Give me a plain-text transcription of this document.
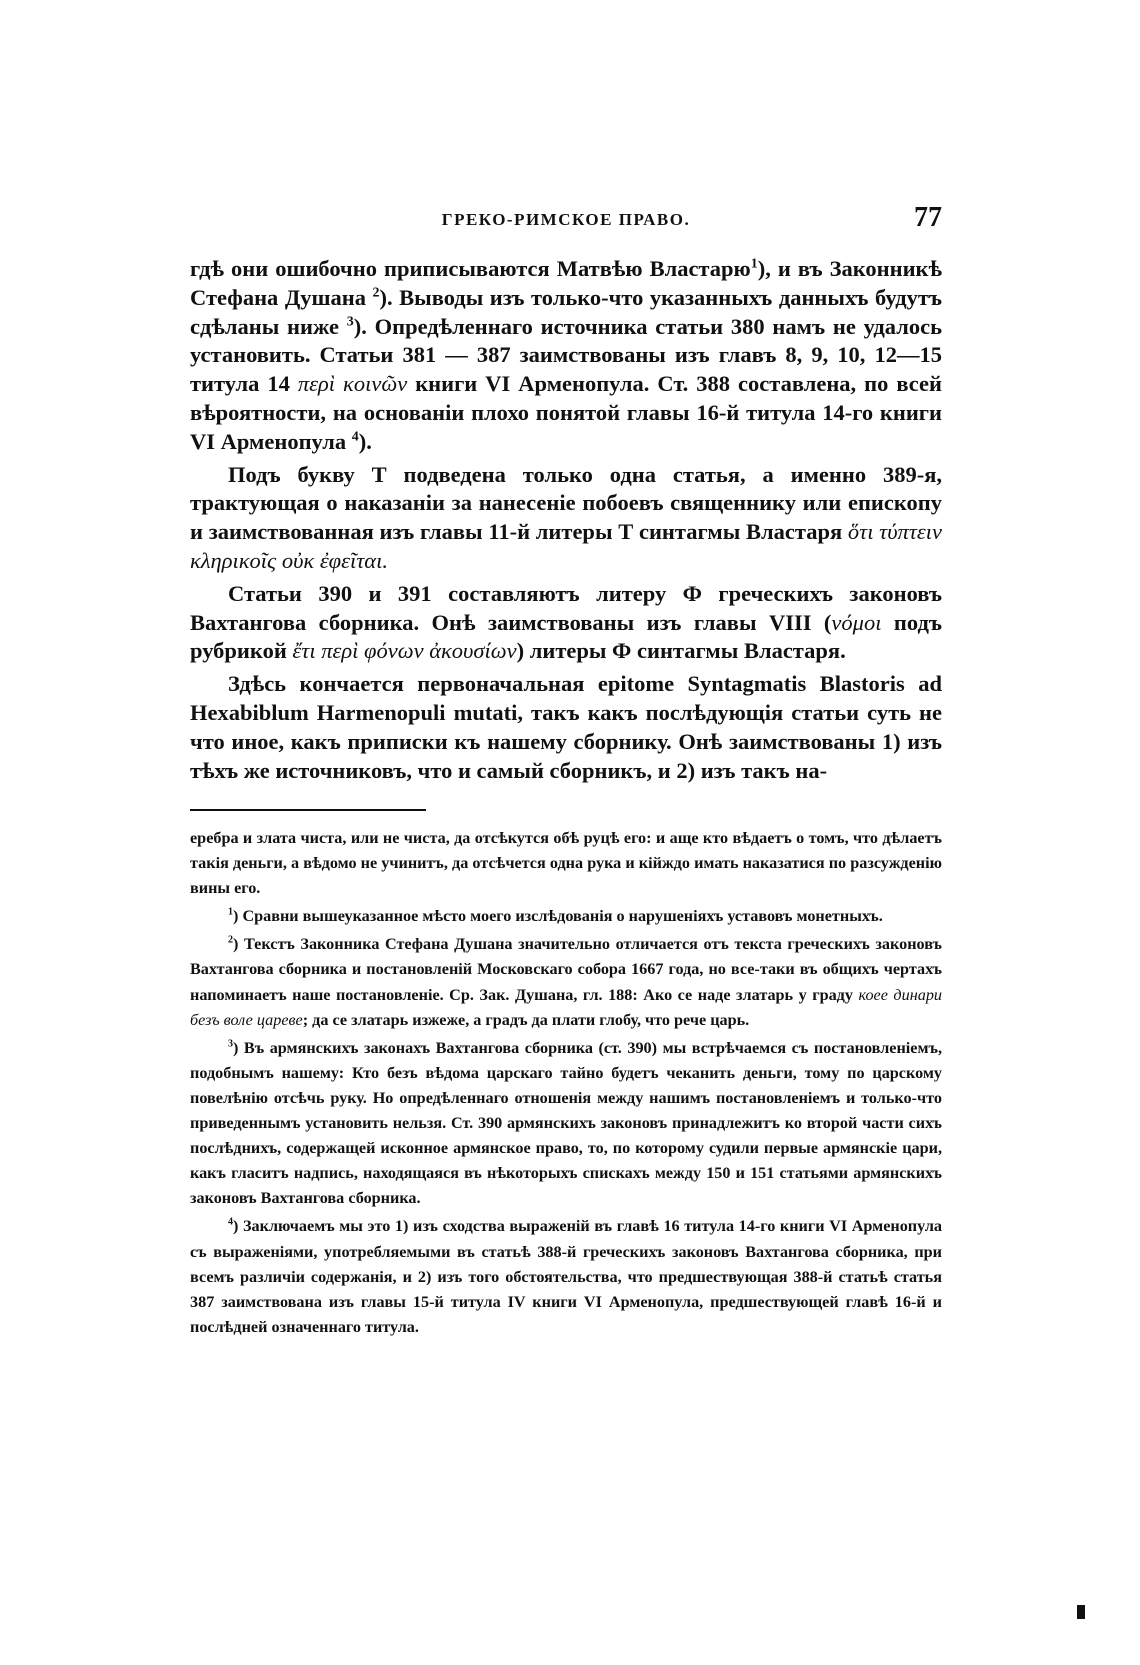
ГРЕКО-РИМСКОЕ ПРАВО.	77

гдѣ они ошибочно приписываются Матвѣю Властарю$^1$), и въ Законникѣ Стефана Душана $^2$). Выводы изъ только-что указанныхъ данныхъ будутъ сдѣланы ниже $^3$). Опредѣленнаго источника статьи 380 намъ не удалось установить. Статьи 381 — 387 заимствованы изъ главъ 8, 9, 10, 12—15 титула 14 περὶ κοινῶν книги VI Арменопула. Ст. 388 составлена, по всей вѣроятности, на основаніи плохо понятой главы 16-й титула 14-го книги VI Арменопула $^4$).

Подъ букву Т подведена только одна статья, а именно 389-я, трактующая о наказаніи за нанесеніе побоевъ священнику или епископу и заимствованная изъ главы 11-й литеры Т синтагмы Властаря ὅτι τύπτειν κληρικοῖς οὐκ ἐφεῖται.

Статьи 390 и 391 составляютъ литеру Ф греческихъ законовъ Вахтангова сборника. Онѣ заимствованы изъ главы VIII (νόμοι подъ рубрикой ἔτι περὶ φόνων ἀκουσίων) литеры Ф синтагмы Властаря.

Здѣсь кончается первоначальная epitome Syntagmatis Blastoris ad Hexabiblum Harmenopuli mutati, такъ какъ послѣдующія статьи суть не что иное, какъ приписки къ нашему сборнику. Онѣ заимствованы 1) изъ тѣхъ же источниковъ, что и самый сборникъ, и 2) изъ такъ на-

еребра и злата чиста, или не чиста, да отсѣкутся обѣ руцѣ его: и аще кто вѣдаетъ о томъ, что дѣлаетъ такія деньги, а вѣдомо не учинитъ, да отсѣчется одна рука и кійждо имать наказатися по разсужденію вины его.

$^1$) Сравни вышеуказанное мѣсто моего изслѣдованія о нарушеніяхъ уставовъ монетныхъ.

$^2$) Текстъ Законника Стефана Душана значительно отличается отъ текста греческихъ законовъ Вахтангова сборника и постановленій Московскаго собора 1667 года, но все-таки въ общихъ чертахъ напоминаетъ наше постановленіе. Ср. Зак. Душана, гл. 188: Ако се наде златарь у граду коее динари безъ воле цареве; да се златарь изжеже, а градъ да плати глобу, что рече царь.

$^3$) Въ армянскихъ законахъ Вахтангова сборника (ст. 390) мы встрѣчаемся съ постановленіемъ, подобнымъ нашему: Кто безъ вѣдома царскаго тайно будетъ чеканить деньги, тому по царскому повелѣнію отсѣчь руку. Но опредѣленнаго отношенія между нашимъ постановленіемъ и только-что приведеннымъ установить нельзя. Ст. 390 армянскихъ законовъ принадлежитъ ко второй части сихъ послѣднихъ, содержащей исконное армянское право, то, по которому судили первые армянскіе цари, какъ гласитъ надпись, находящаяся въ нѣкоторыхъ спискахъ между 150 и 151 статьями армянскихъ законовъ Вахтангова сборника.

$^4$) Заключаемъ мы это 1) изъ сходства выраженій въ главѣ 16 титула 14-го книги VI Арменопула съ выраженіями, употребляемыми въ статьѣ 388-й греческихъ законовъ Вахтангова сборника, при всемъ различіи содержанія, и 2) изъ того обстоятельства, что предшествующая 388-й статьѣ статья 387 заимствована изъ главы 15-й титула IV книги VI Арменопула, предшествующей главѣ 16-й и послѣдней означеннаго титула.
